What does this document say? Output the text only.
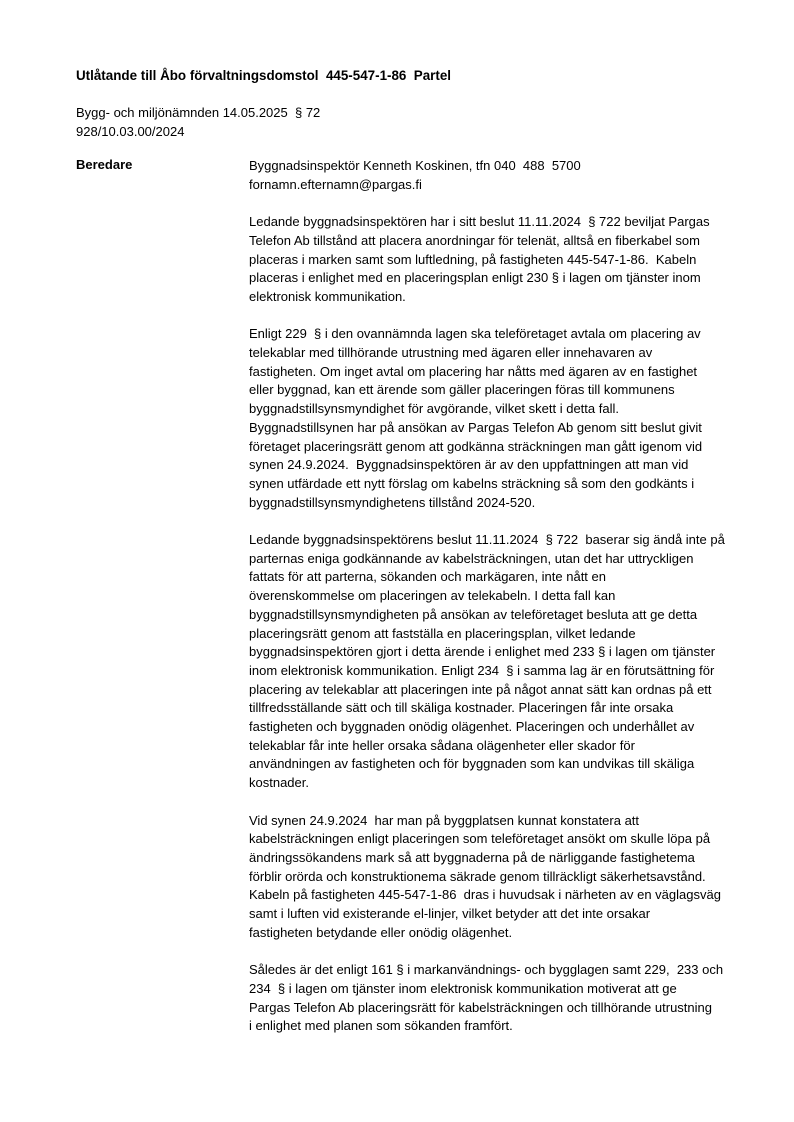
Utlåtande till Åbo förvaltningsdomstol  445-547-1-86  Partel
Bygg- och miljönämnden 14.05.2025  § 72
928/10.03.00/2024
Beredare	Byggnadsinspektör Kenneth Koskinen, tfn 040  488  5700
fornamn.efternamn@pargas.fi
Ledande byggnadsinspektören har i sitt beslut 11.11.2024  § 722 beviljat Pargas
Telefon Ab tillstånd att placera anordningar för telenät, alltså en fiberkabel som
placeras i marken samt som luftledning, på fastigheten 445-547-1-86.  Kabeln
placeras i enlighet med en placeringsplan enligt 230 § i lagen om tjänster inom
elektronisk kommunikation.
Enligt 229  § i den ovannämnda lagen ska teleföretaget avtala om placering av
telekablar med tillhörande utrustning med ägaren eller innehavaren av
fastigheten. Om inget avtal om placering har nåtts med ägaren av en fastighet
eller byggnad, kan ett ärende som gäller placeringen föras till kommunens
byggnadstillsynsmyndighet för avgörande, vilket skett i detta fall.
Byggnadstillsynen har på ansökan av Pargas Telefon Ab genom sitt beslut givit
företaget placeringsrätt genom att godkänna sträckningen man gått igenom vid
synen 24.9.2024.  Byggnadsinspektören är av den uppfattningen att man vid
synen utfärdade ett nytt förslag om kabelns sträckning så som den godkänts i
byggnadstillsynsmyndighetens tillstånd 2024-520.
Ledande byggnadsinspektörens beslut 11.11.2024  § 722  baserar sig ändå inte på
parternas eniga godkännande av kabelsträckningen, utan det har uttryckligen
fattats för att parterna, sökanden och markägaren, inte nått en
överenskommelse om placeringen av telekabeln. I detta fall kan
byggnadstillsynsmyndigheten på ansökan av teleföretaget besluta att ge detta
placeringsrätt genom att fastställa en placeringsplan, vilket ledande
byggnadsinspektören gjort i detta ärende i enlighet med 233 § i lagen om tjänster
inom elektronisk kommunikation. Enligt 234  § i samma lag är en förutsättning för
placering av telekablar att placeringen inte på något annat sätt kan ordnas på ett
tillfredsställande sätt och till skäliga kostnader. Placeringen får inte orsaka
fastigheten och byggnaden onödig olägenhet. Placeringen och underhållet av
telekablar får inte heller orsaka sådana olägenheter eller skador för
användningen av fastigheten och för byggnaden som kan undvikas till skäliga
kostnader.
Vid synen 24.9.2024  har man på byggplatsen kunnat konstatera att
kabelsträckningen enligt placeringen som teleföretaget ansökt om skulle löpa på
ändringssökandens mark så att byggnaderna på de närliggande fastighetema
förblir orörda och konstruktionema säkrade genom tillräckligt säkerhetsavstånd.
Kabeln på fastigheten 445-547-1-86  dras i huvudsak i närheten av en väglagsväg
samt i luften vid existerande el-linjer, vilket betyder att det inte orsakar
fastigheten betydande eller onödig olägenhet.
Således är det enligt 161 § i markanvändnings- och bygglagen samt 229,  233 och
234  § i lagen om tjänster inom elektronisk kommunikation motiverat att ge
Pargas Telefon Ab placeringsrätt för kabelsträckningen och tillhörande utrustning
i enlighet med planen som sökanden framfört.
